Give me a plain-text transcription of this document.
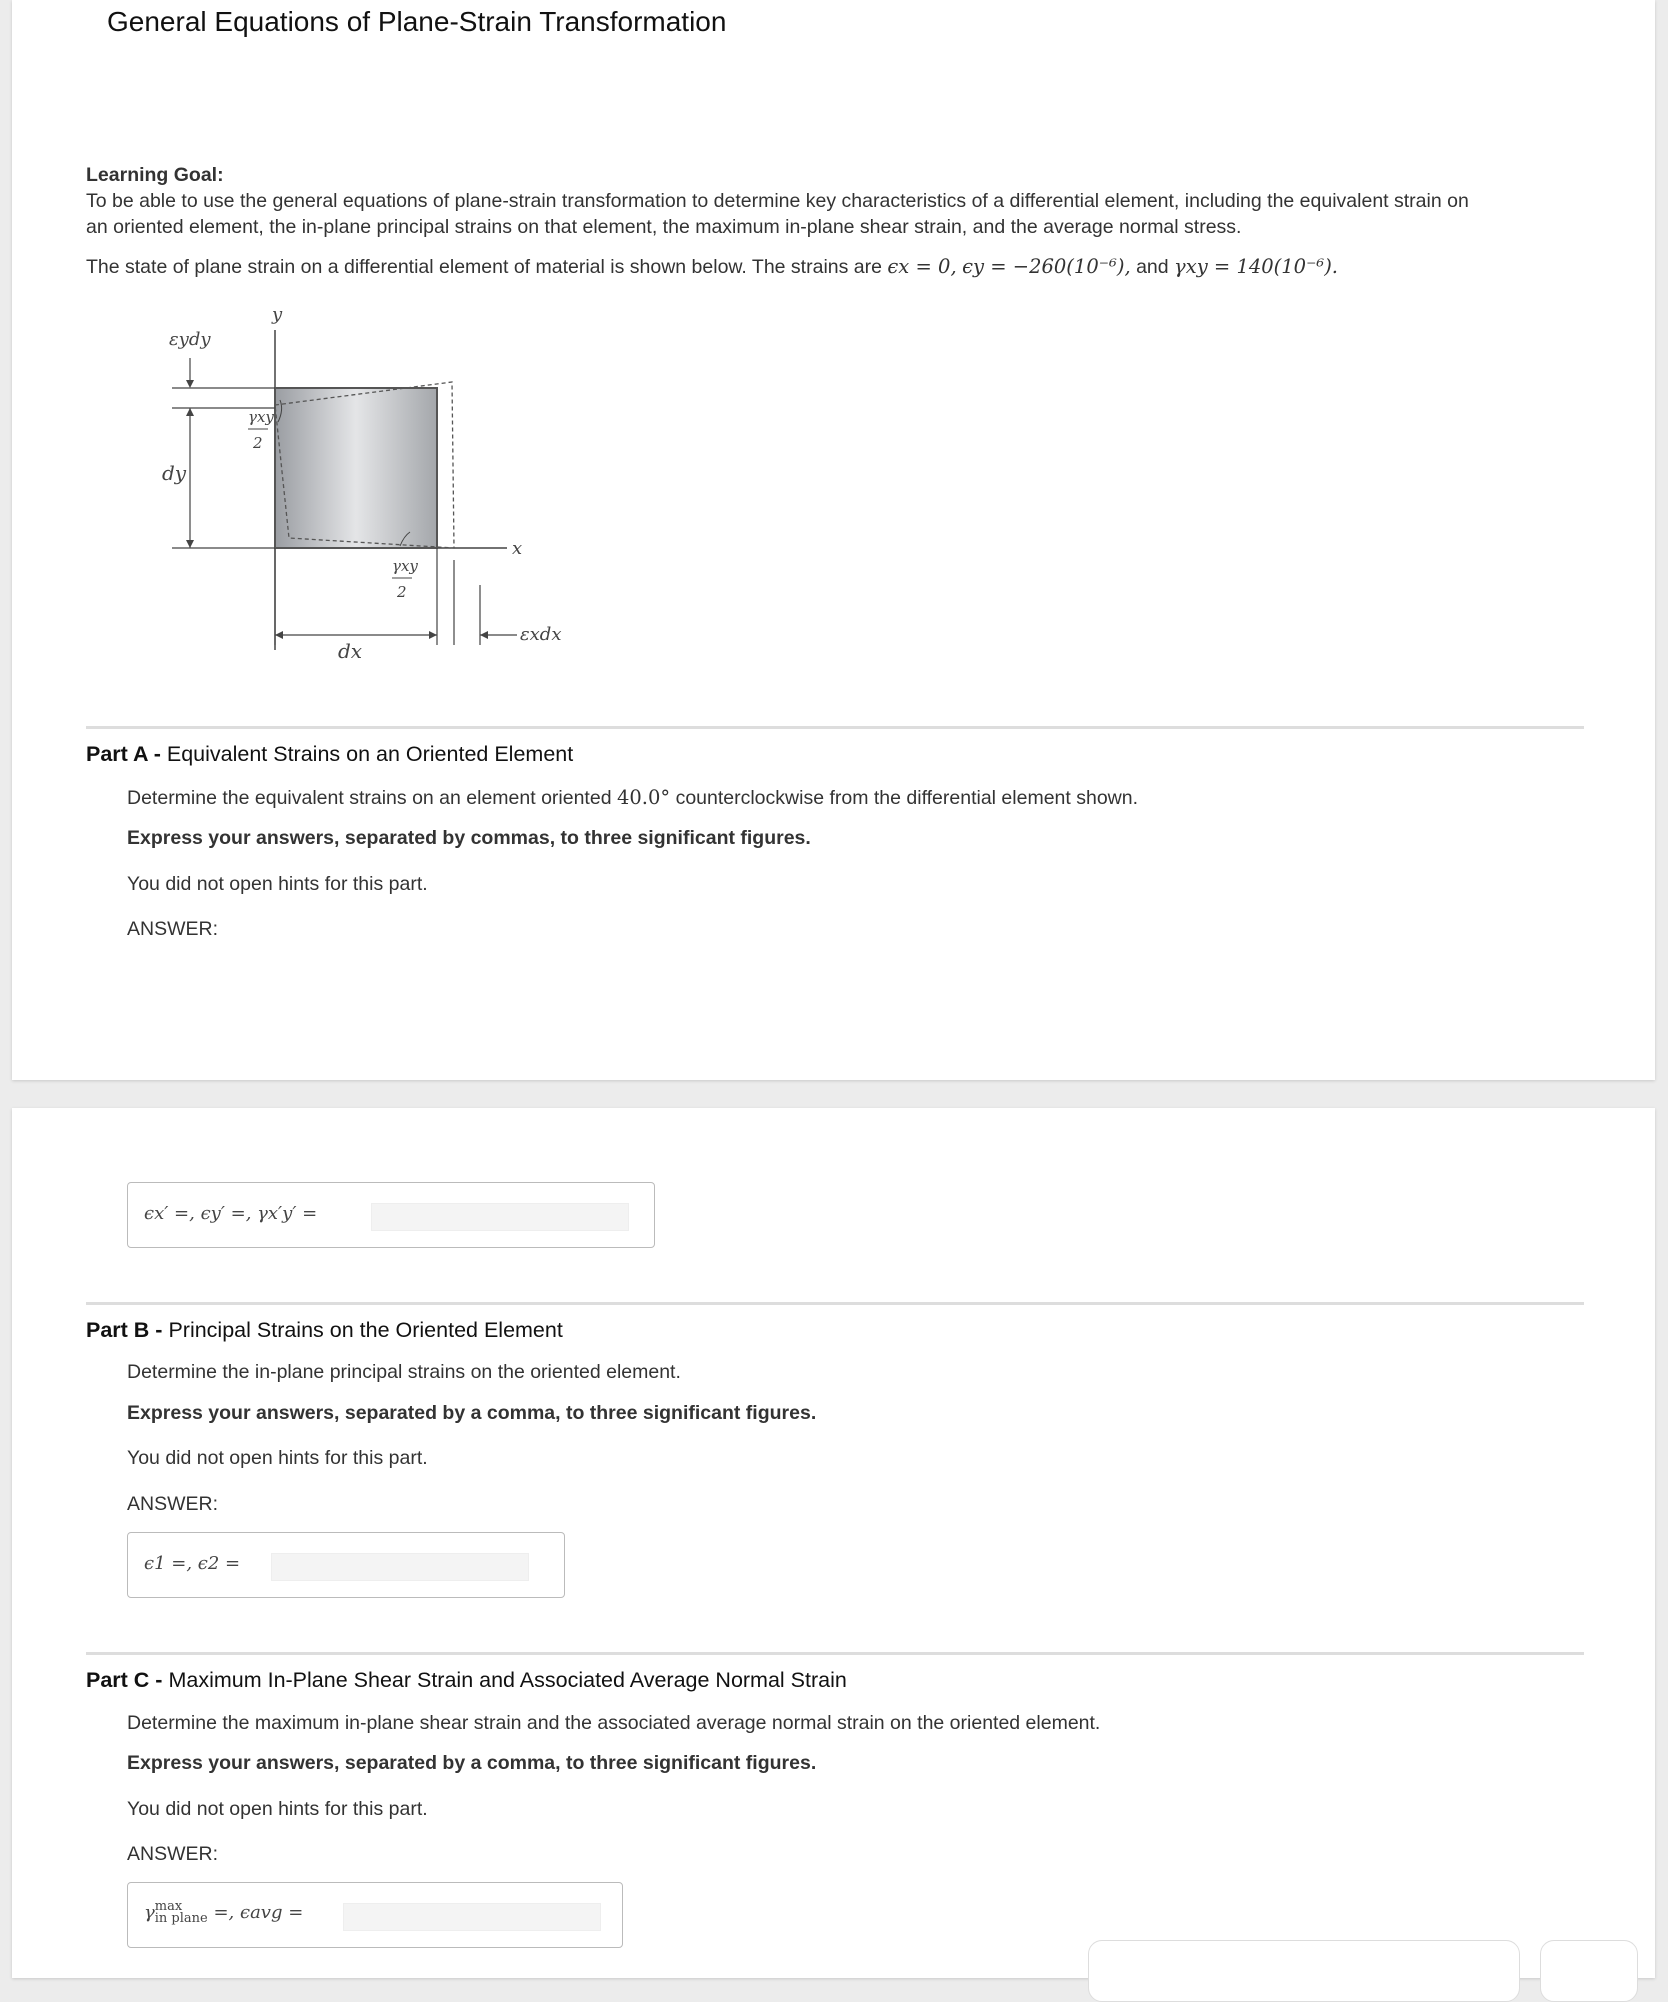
General Equations of Plane-Strain Transformation
Learning Goal:
To be able to use the general equations of plane-strain transformation to determine key characteristics of a differential element, including the equivalent strain on
an oriented element, the in-plane principal strains on that element, the maximum in-plane shear strain, and the average normal stress.
The state of plane strain on a differential element of material is shown below. The strains are ϵx = 0, ϵy = −260(10⁻⁶), and γxy = 140(10⁻⁶).
y
x
εydy
dy
γxy
2
γxy
2
dx
εxdx
Part A - Equivalent Strains on an Oriented Element
Determine the equivalent strains on an element oriented 40.0° counterclockwise from the differential element shown.
Express your answers, separated by commas, to three significant figures.
You did not open hints for this part.
ANSWER:
ϵx′ =, ϵy′ =, γx′y′ =
Part B - Principal Strains on the Oriented Element
Determine the in-plane principal strains on the oriented element.
Express your answers, separated by a comma, to three significant figures.
You did not open hints for this part.
ANSWER:
ϵ1 =, ϵ2 =
Part C - Maximum In-Plane Shear Strain and Associated Average Normal Strain
Determine the maximum in-plane shear strain and the associated average normal strain on the oriented element.
Express your answers, separated by a comma, to three significant figures.
You did not open hints for this part.
ANSWER:
γ max
in plane =, ϵavg =
